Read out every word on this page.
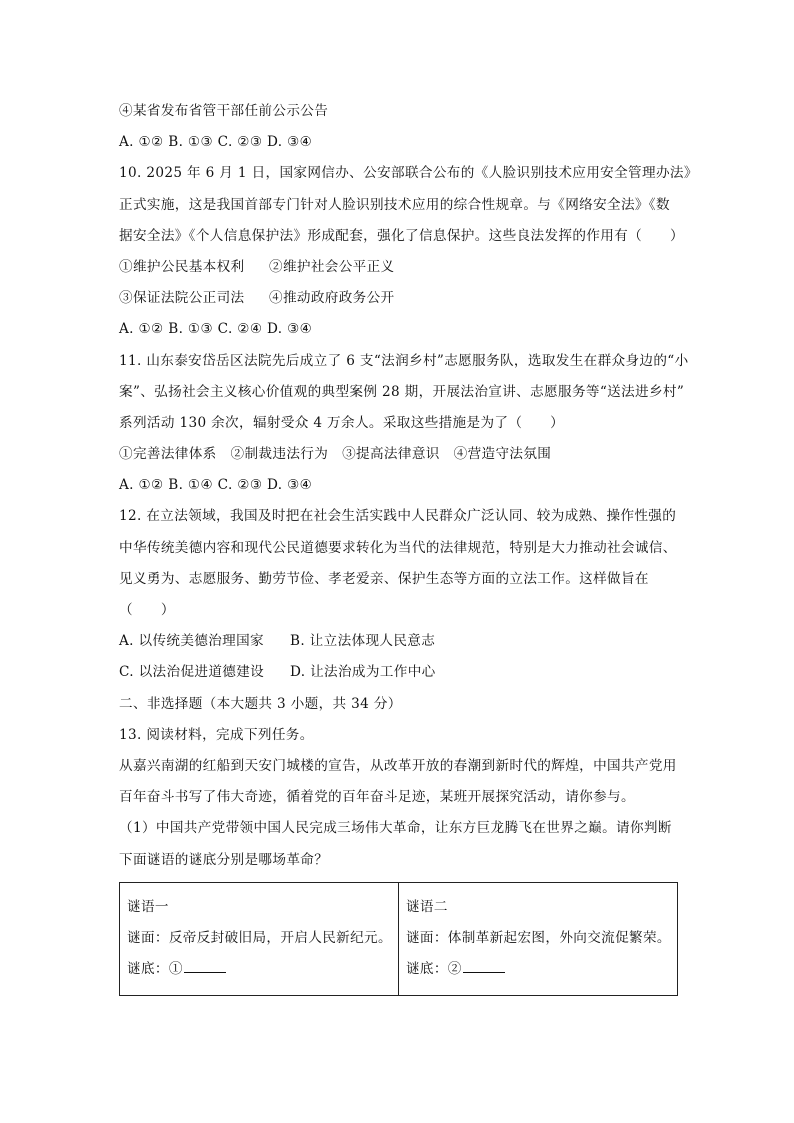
④某省发布省管干部任前公示公告
A. ①② B. ①③ C. ②③ D. ③④
10. 2025 年 6 月 1 日，国家网信办、公安部联合公布的《人脸识别技术应用安全管理办法》
正式实施，这是我国首部专门针对人脸识别技术应用的综合性规章。与《网络安全法》《数
据安全法》《个人信息保护法》形成配套，强化了信息保护。这些良法发挥的作用有（　　）
①维护公民基本权利 ②维护社会公平正义
③保证法院公正司法 ④推动政府政务公开
A. ①② B. ①③ C. ②④ D. ③④
11. 山东泰安岱岳区法院先后成立了 6 支“法润乡村”志愿服务队，选取发生在群众身边的“小
案”、弘扬社会主义核心价值观的典型案例 28 期，开展法治宣讲、志愿服务等“送法进乡村”
系列活动 130 余次，辐射受众 4 万余人。采取这些措施是为了（　　）
①完善法律体系　②制裁违法行为　③提高法律意识　④营造守法氛围
A. ①② B. ①④ C. ②③ D. ③④
12. 在立法领域，我国及时把在社会生活实践中人民群众广泛认同、较为成熟、操作性强的
中华传统美德内容和现代公民道德要求转化为当代的法律规范，特别是大力推动社会诚信、
见义勇为、志愿服务、勤劳节俭、孝老爱亲、保护生态等方面的立法工作。这样做旨在
（　　）
A. 以传统美德治理国家 B. 让立法体现人民意志
C. 以法治促进道德建设 D. 让法治成为工作中心
二、非选择题（本大题共 3 小题，共 34 分）
13. 阅读材料，完成下列任务。
从嘉兴南湖的红船到天安门城楼的宣告，从改革开放的春潮到新时代的辉煌，中国共产党用
百年奋斗书写了伟大奇迹，循着党的百年奋斗足迹，某班开展探究活动，请你参与。
（1）中国共产党带领中国人民完成三场伟大革命，让东方巨龙腾飞在世界之巅。请你判断
下面谜语的谜底分别是哪场革命？
谜语一
谜面：反帝反封破旧局，开启人民新纪元。
谜底：①

谜语二
谜面：体制革新起宏图，外向交流促繁荣。
谜底：②
